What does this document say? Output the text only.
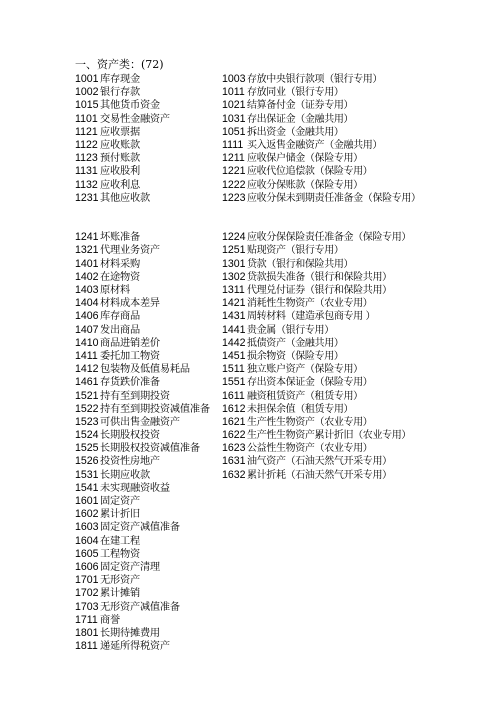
一、资产类：(72)
1001库存现金
1002银行存款
1015其他货币资金
1101 交易性金融资产
1121 应收票据
1122 应收账款
1123 预付账款
1131 应收股利
1132 应收利息
1231其他应收款
1241坏账准备
1321代理业务资产
1401材料采购
1402在途物资
1403原材料
1404材料成本差异
1406库存商品
1407发出商品
1410商品进销差价
1411 委托加工物资
1412包装物及低值易耗品
1461存货跌价准备
1521持有至到期投资
1522持有至到期投资减值准备
1523可供出售金融资产
1524长期股权投资
1525长期股权投资减值准备
1526投资性房地产
1531长期应收款
1541未实现融资收益
1601固定资产
1602累计折旧
1603固定资产减值准备
1604在建工程
1605工程物资
1606固定资产清理
1701无形资产
1702累计摊销
1703无形资产减值准备
1711 商誉
1801长期待摊费用
1811 递延所得税资产
1003存放中央银行款项（银行专用）
1011 存放同业（银行专用）
1021结算备付金（证券专用）
1031存出保证金（金融共用）
1051拆出资金（金融共用）
1111 买入返售金融资产（金融共用）
1211 应收保户储金（保险专用）
1221应收代位追偿款（保险专用）
1222应收分保账款（保险专用）
1223应收分保未到期责任准备金（保险专用）
1224应收分保保险责任准备金（保险专用）
1251贴现资产（银行专用）
1301贷款（银行和保险共用）
1302贷款损失准备（银行和保险共用）
1311 代理兑付证券（银行和保险共用）
1421消耗性生物资产（农业专用）
1431周转材料（建造承包商专用 ）
1441贵金属（银行专用）
1442抵债资产（金融共用）
1451损余物资（保险专用）
1511 独立账户资产（保险专用）
1551存出资本保证金（保险专用）
1611 融资租赁资产（租赁专用）
1612未担保余值（租赁专用）
1621生产性生物资产（农业专用）
1622生产性生物资产累计折旧（农业专用）
1623公益性生物资产（农业专用）
1631油气资产（石油天然气开采专用）
1632累计折耗（石油天然气开采专用）
